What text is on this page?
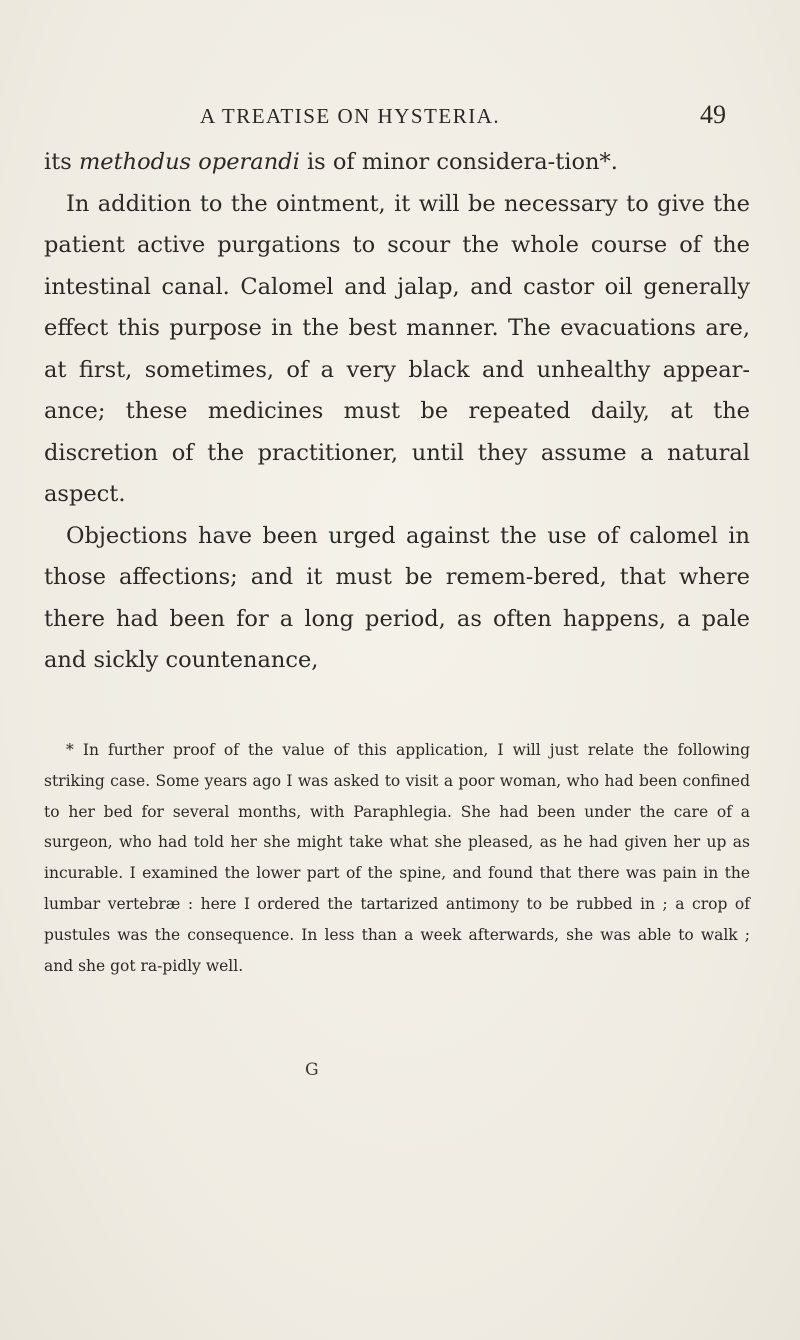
A TREATISE ON HYSTERIA.	49

its methodus operandi is of minor considera-tion*.

In addition to the ointment, it will be necessary to give the patient active purgations to scour the whole course of the intestinal canal. Calomel and jalap, and castor oil generally effect this purpose in the best manner. The evacuations are, at first, sometimes, of a very black and unhealthy appear-ance; these medicines must be repeated daily, at the discretion of the practitioner, until they assume a natural aspect.

Objections have been urged against the use of calomel in those affections; and it must be remem-bered, that where there had been for a long period, as often happens, a pale and sickly countenance,

* In further proof of the value of this application, I will just relate the following striking case. Some years ago I was asked to visit a poor woman, who had been confined to her bed for several months, with Paraphlegia. She had been under the care of a surgeon, who had told her she might take what she pleased, as he had given her up as incurable. I examined the lower part of the spine, and found that there was pain in the lumbar vertebræ : here I ordered the tartarized antimony to be rubbed in ; a crop of pustules was the consequence. In less than a week afterwards, she was able to walk ; and she got ra-pidly well.

G
